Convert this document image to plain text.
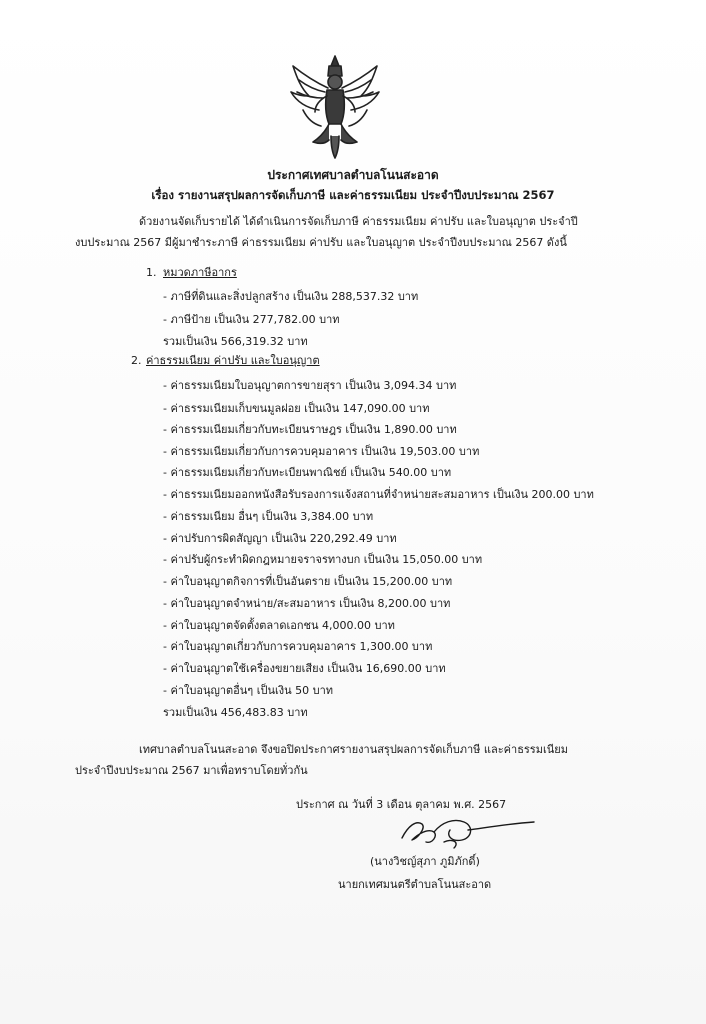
ประกาศเทศบาลตำบลโนนสะอาด
เรื่อง รายงานสรุปผลการจัดเก็บภาษี และค่าธรรมเนียม ประจำปีงบประมาณ 2567
ด้วยงานจัดเก็บรายได้ ได้ดำเนินการจัดเก็บภาษี ค่าธรรมเนียม ค่าปรับ และใบอนุญาต ประจำปี
งบประมาณ 2567 มีผู้มาชำระภาษี ค่าธรรมเนียม ค่าปรับ และใบอนุญาต ประจำปีงบประมาณ 2567 ดังนี้
1. หมวดภาษีอากร
- ภาษีที่ดินและสิ่งปลูกสร้าง เป็นเงิน 288,537.32 บาท
- ภาษีป้าย เป็นเงิน 277,782.00 บาท
รวมเป็นเงิน 566,319.32 บาท
2. ค่าธรรมเนียม ค่าปรับ และใบอนุญาต
- ค่าธรรมเนียมใบอนุญาตการขายสุรา เป็นเงิน 3,094.34 บาท
- ค่าธรรมเนียมเก็บขนมูลฝอย เป็นเงิน 147,090.00 บาท
- ค่าธรรมเนียมเกี่ยวกับทะเบียนราษฎร เป็นเงิน 1,890.00 บาท
- ค่าธรรมเนียมเกี่ยวกับการควบคุมอาคาร เป็นเงิน 19,503.00 บาท
- ค่าธรรมเนียมเกี่ยวกับทะเบียนพาณิชย์ เป็นเงิน 540.00 บาท
- ค่าธรรมเนียมออกหนังสือรับรองการแจ้งสถานที่จำหน่ายสะสมอาหาร เป็นเงิน 200.00 บาท
- ค่าธรรมเนียม อื่นๆ เป็นเงิน 3,384.00 บาท
- ค่าปรับการผิดสัญญา เป็นเงิน 220,292.49 บาท
- ค่าปรับผู้กระทำผิดกฎหมายจราจรทางบก เป็นเงิน 15,050.00 บาท
- ค่าใบอนุญาตกิจการที่เป็นอันตราย เป็นเงิน 15,200.00 บาท
- ค่าใบอนุญาตจำหน่าย/สะสมอาหาร เป็นเงิน 8,200.00 บาท
- ค่าใบอนุญาตจัดตั้งตลาดเอกชน 4,000.00 บาท
- ค่าใบอนุญาตเกี่ยวกับการควบคุมอาคาร 1,300.00 บาท
- ค่าใบอนุญาตใช้เครื่องขยายเสียง เป็นเงิน 16,690.00 บาท
- ค่าใบอนุญาตอื่นๆ เป็นเงิน 50 บาท
รวมเป็นเงิน 456,483.83 บาท
เทศบาลตำบลโนนสะอาด จึงขอปิดประกาศรายงานสรุปผลการจัดเก็บภาษี และค่าธรรมเนียม
ประจำปีงบประมาณ 2567 มาเพื่อทราบโดยทั่วกัน
ประกาศ ณ วันที่ 3 เดือน ตุลาคม พ.ศ. 2567
(นางวิชญ์สุภา ภูมิภักดิ์)
นายกเทศมนตรีตำบลโนนสะอาด
